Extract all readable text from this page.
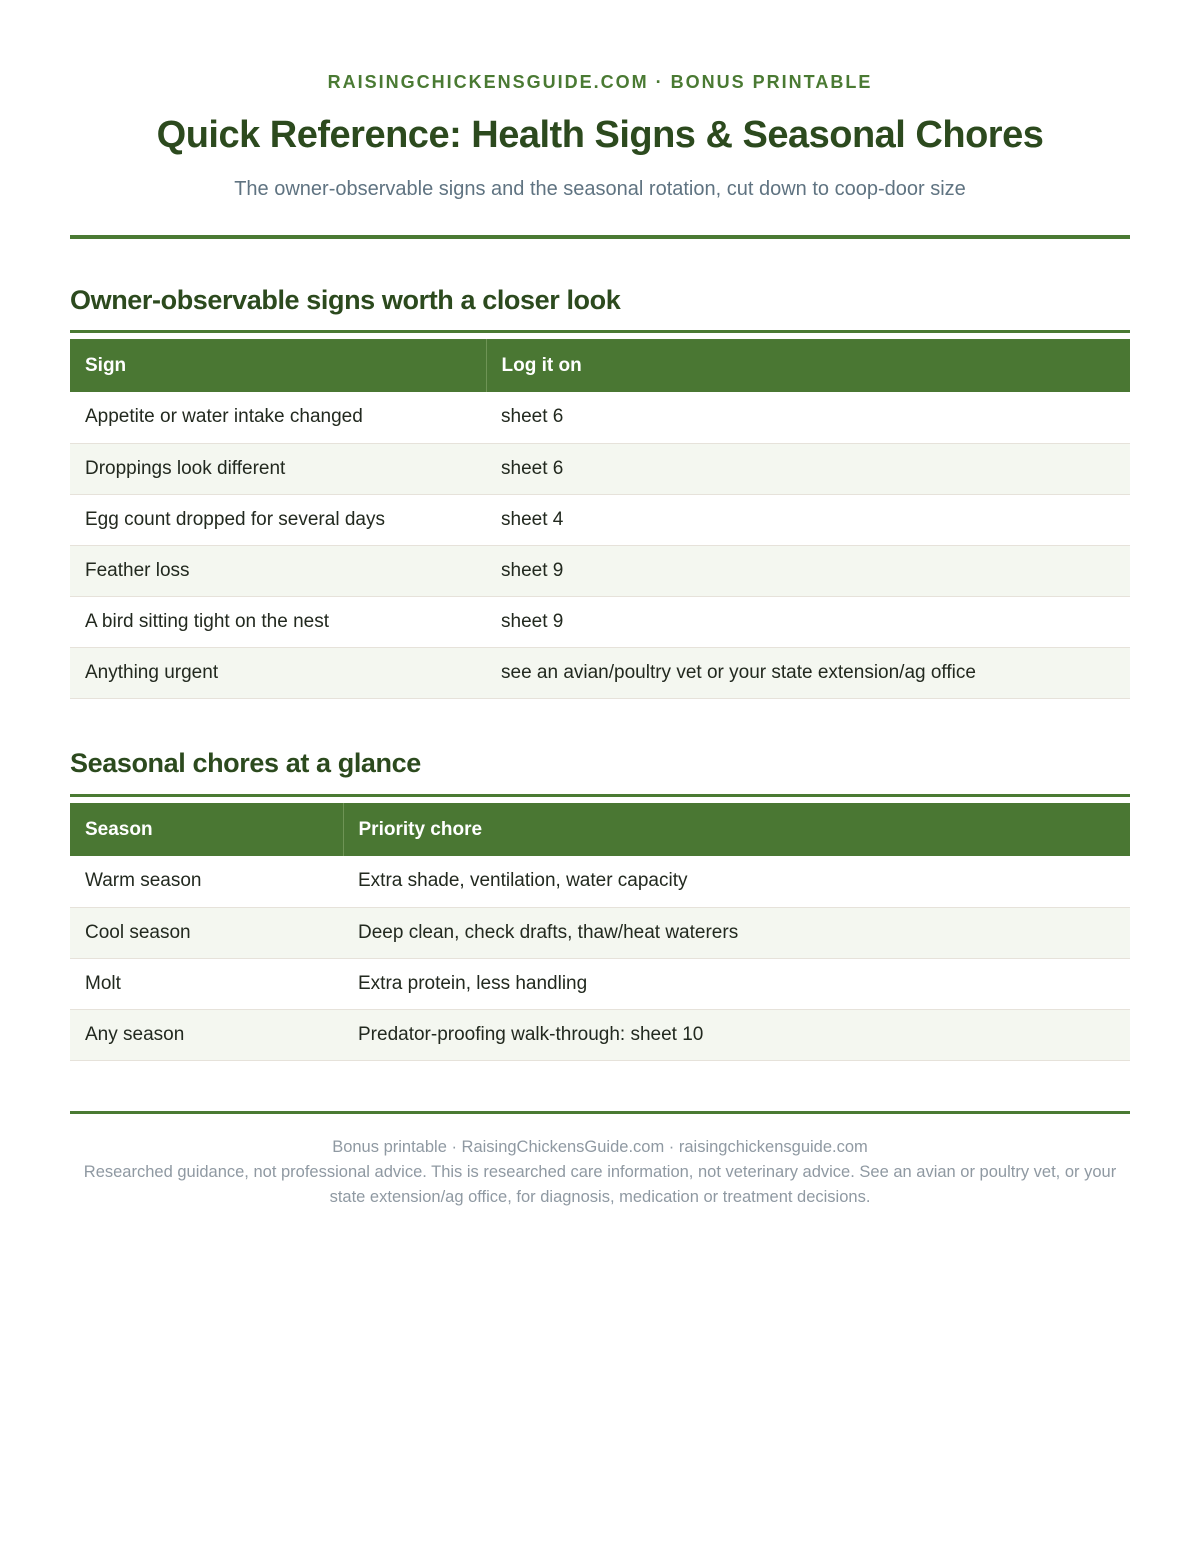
RAISINGCHICKENSGUIDE.COM · BONUS PRINTABLE
Quick Reference: Health Signs & Seasonal Chores
The owner-observable signs and the seasonal rotation, cut down to coop-door size
Owner-observable signs worth a closer look
Sign	Log it on
Appetite or water intake changed	sheet 6
Droppings look different	sheet 6
Egg count dropped for several days	sheet 4
Feather loss	sheet 9
A bird sitting tight on the nest	sheet 9
Anything urgent	see an avian/poultry vet or your state extension/ag office
Seasonal chores at a glance
Season	Priority chore
Warm season	Extra shade, ventilation, water capacity
Cool season	Deep clean, check drafts, thaw/heat waterers
Molt	Extra protein, less handling
Any season	Predator-proofing walk-through: sheet 10
Bonus printable · RaisingChickensGuide.com · raisingchickensguide.com
Researched guidance, not professional advice. This is researched care information, not veterinary advice. See an avian or poultry vet, or your state extension/ag office, for diagnosis, medication or treatment decisions.
